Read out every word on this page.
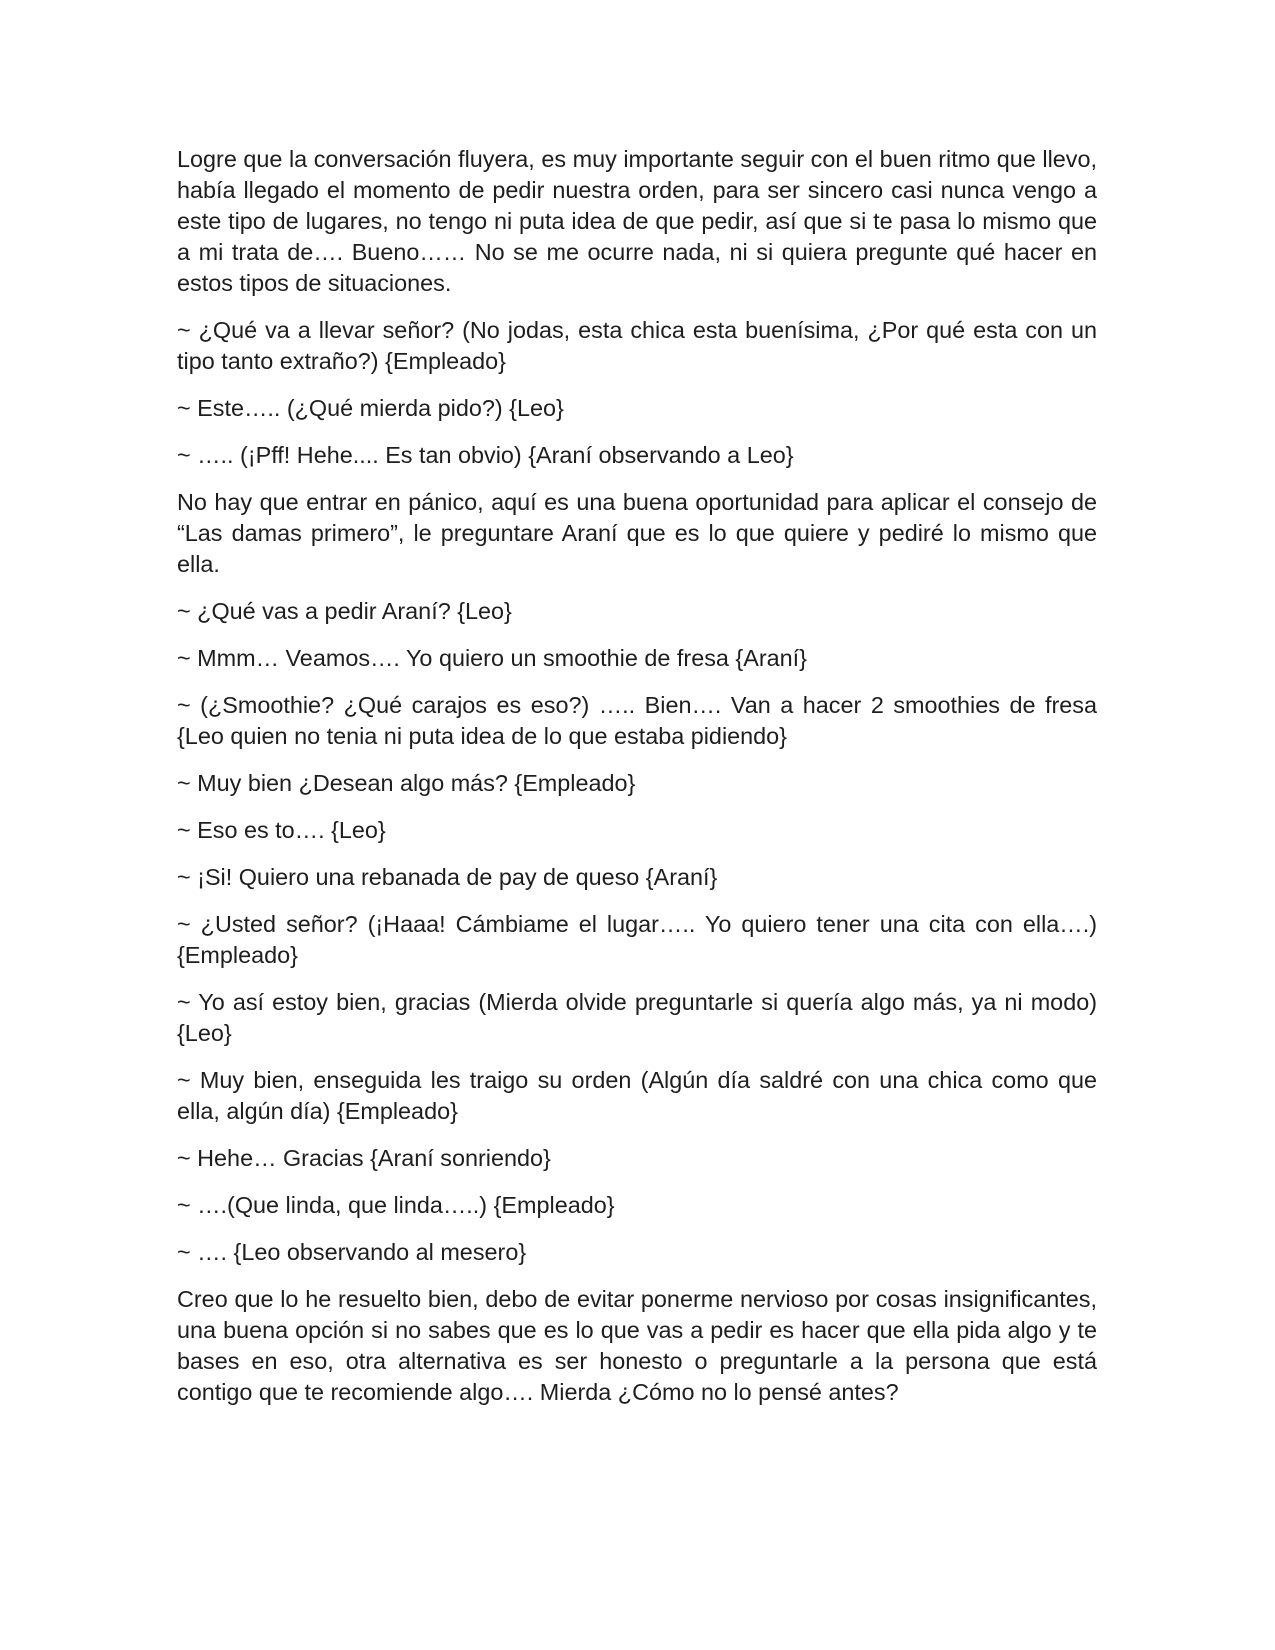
Logre que la conversación fluyera, es muy importante seguir con el buen ritmo que llevo, había llegado el momento de pedir nuestra orden, para ser sincero casi nunca vengo a este tipo de lugares, no tengo ni puta idea de que pedir, así que si te pasa lo mismo que a mi trata de…. Bueno…… No se me ocurre nada, ni si quiera pregunte qué hacer en estos tipos de situaciones.

~ ¿Qué va a llevar señor? (No jodas, esta chica esta buenísima, ¿Por qué esta con un tipo tanto extraño?) {Empleado}

~ Este….. (¿Qué mierda pido?) {Leo}

~ ….. (¡Pff! Hehe.... Es tan obvio) {Araní observando a Leo}

No hay que entrar en pánico, aquí es una buena oportunidad para aplicar el consejo de “Las damas primero”, le preguntare Araní que es lo que quiere y pediré lo mismo que ella.

~ ¿Qué vas a pedir Araní? {Leo}

~ Mmm… Veamos…. Yo quiero un smoothie de fresa {Araní}

~ (¿Smoothie? ¿Qué carajos es eso?) ….. Bien…. Van a hacer 2 smoothies de fresa {Leo quien no tenia ni puta idea de lo que estaba pidiendo}

~ Muy bien ¿Desean algo más? {Empleado}

~ Eso es to…. {Leo}

~ ¡Si! Quiero una rebanada de pay de queso {Araní}

~ ¿Usted señor? (¡Haaa! Cámbiame el lugar….. Yo quiero tener una cita con ella….) {Empleado}

~ Yo así estoy bien, gracias (Mierda olvide preguntarle si quería algo más, ya ni modo) {Leo}

~ Muy bien, enseguida les traigo su orden (Algún día saldré con una chica como que ella, algún día) {Empleado}

~ Hehe… Gracias {Araní sonriendo}

~ ….(Que linda, que linda…..) {Empleado}

~ …. {Leo observando al mesero}

Creo que lo he resuelto bien, debo de evitar ponerme nervioso por cosas insignificantes, una buena opción si no sabes que es lo que vas a pedir es hacer que ella pida algo y te bases en eso, otra alternativa es ser honesto o preguntarle a la persona que está contigo que te recomiende algo…. Mierda ¿Cómo no lo pensé antes?
